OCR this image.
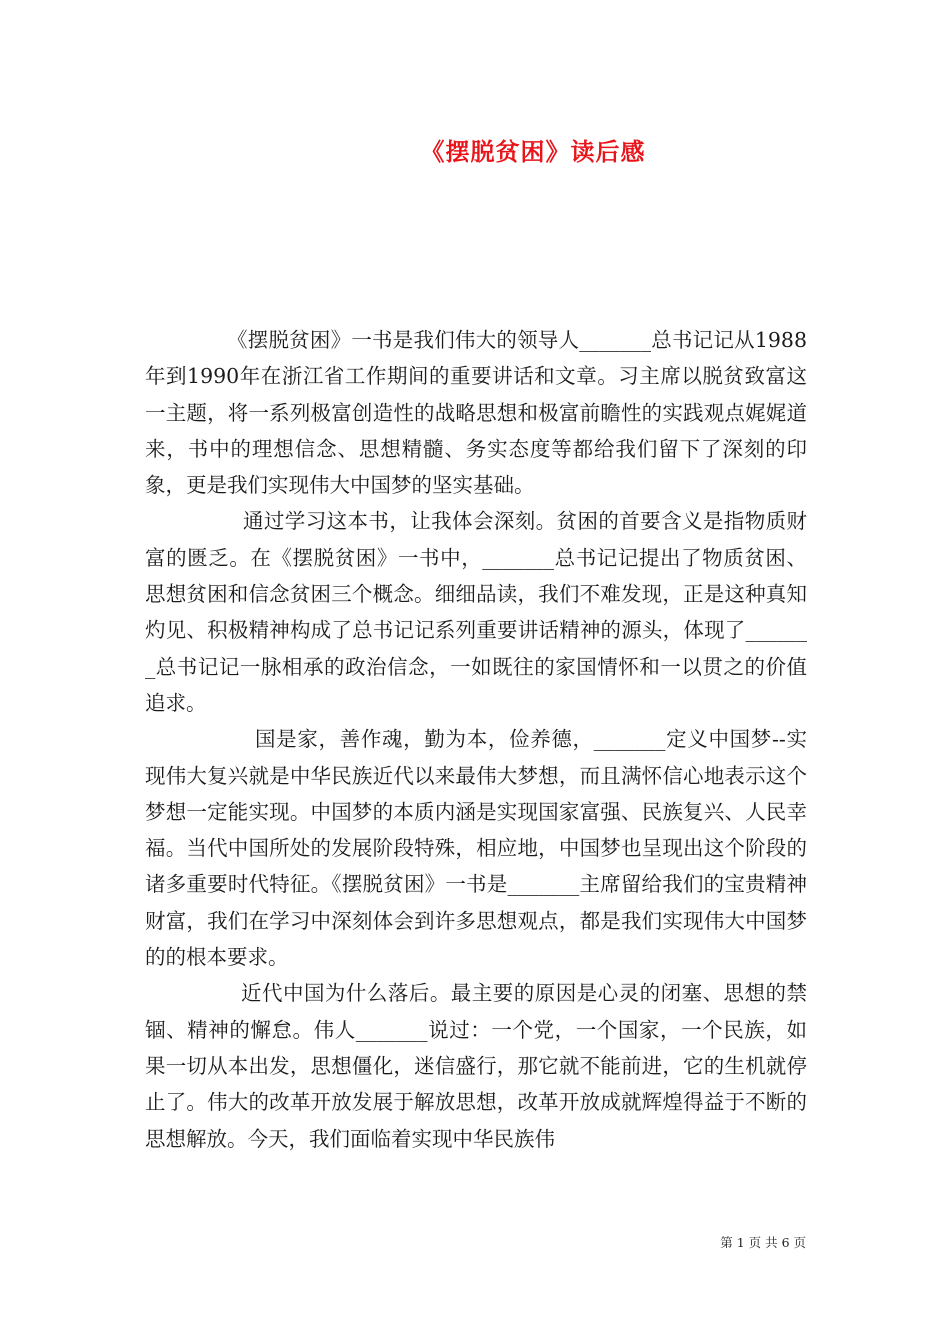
《摆脱贫困》读后感

《摆脱贫困》一书是我们伟大的领导人_______总书记记从1988年到1990年在浙江省工作期间的重要讲话和文章。习主席以脱贫致富这一主题，将一系列极富创造性的战略思想和极富前瞻性的实践观点娓娓道来，书中的理想信念、思想精髓、务实态度等都给我们留下了深刻的印象，更是我们实现伟大中国梦的坚实基础。

通过学习这本书，让我体会深刻。贫困的首要含义是指物质财富的匮乏。在《摆脱贫困》一书中，_______总书记记提出了物质贫困、思想贫困和信念贫困三个概念。细细品读，我们不难发现，正是这种真知灼见、积极精神构成了总书记记系列重要讲话精神的源头，体现了_______总书记记一脉相承的政治信念，一如既往的家国情怀和一以贯之的价值追求。

国是家，善作魂，勤为本，俭养德，_______定义中国梦--实现伟大复兴就是中华民族近代以来最伟大梦想，而且满怀信心地表示这个梦想一定能实现。中国梦的本质内涵是实现国家富强、民族复兴、人民幸福。当代中国所处的发展阶段特殊，相应地，中国梦也呈现出这个阶段的诸多重要时代特征。《摆脱贫困》一书是_______主席留给我们的宝贵精神财富，我们在学习中深刻体会到许多思想观点，都是我们实现伟大中国梦的的根本要求。

近代中国为什么落后。最主要的原因是心灵的闭塞、思想的禁锢、精神的懈怠。伟人_______说过：一个党，一个国家，一个民族，如果一切从本出发，思想僵化，迷信盛行，那它就不能前进，它的生机就停止了。伟大的改革开放发展于解放思想，改革开放成就辉煌得益于不断的思想解放。今天，我们面临着实现中华民族伟

第 1 页 共 6 页
